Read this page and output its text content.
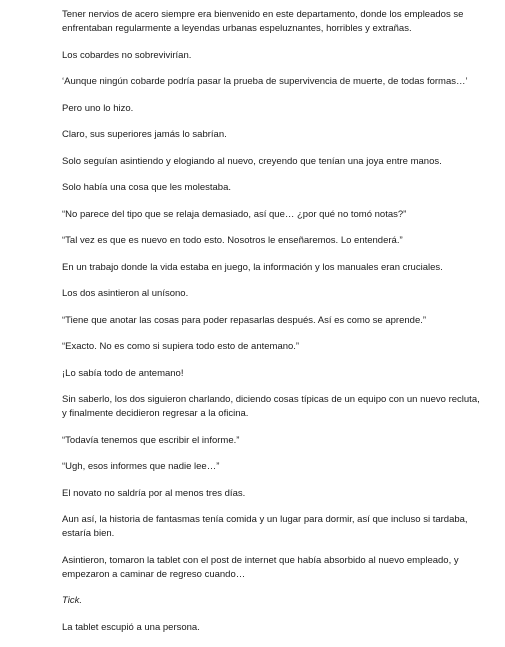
Tener nervios de acero siempre era bienvenido en este departamento, donde los empleados se enfrentaban regularmente a leyendas urbanas espeluznantes, horribles y extrañas.

Los cobardes no sobrevivirían.

‘Aunque ningún cobarde podría pasar la prueba de supervivencia de muerte, de todas formas…’

Pero uno lo hizo.

Claro, sus superiores jamás lo sabrían.

Solo seguían asintiendo y elogiando al nuevo, creyendo que tenían una joya entre manos.

Solo había una cosa que les molestaba.

“No parece del tipo que se relaja demasiado, así que… ¿por qué no tomó notas?”

“Tal vez es que es nuevo en todo esto. Nosotros le enseñaremos. Lo entenderá.”

En un trabajo donde la vida estaba en juego, la información y los manuales eran cruciales.

Los dos asintieron al unísono.

“Tiene que anotar las cosas para poder repasarlas después. Así es como se aprende.”

“Exacto. No es como si supiera todo esto de antemano.”

¡Lo sabía todo de antemano!

Sin saberlo, los dos siguieron charlando, diciendo cosas típicas de un equipo con un nuevo recluta, y finalmente decidieron regresar a la oficina.

“Todavía tenemos que escribir el informe.”

“Ugh, esos informes que nadie lee…”

El novato no saldría por al menos tres días.

Aun así, la historia de fantasmas tenía comida y un lugar para dormir, así que incluso si tardaba, estaría bien.

Asintieron, tomaron la tablet con el post de internet que había absorbido al nuevo empleado, y empezaron a caminar de regreso cuando…

Tick.

La tablet escupió a una persona.
